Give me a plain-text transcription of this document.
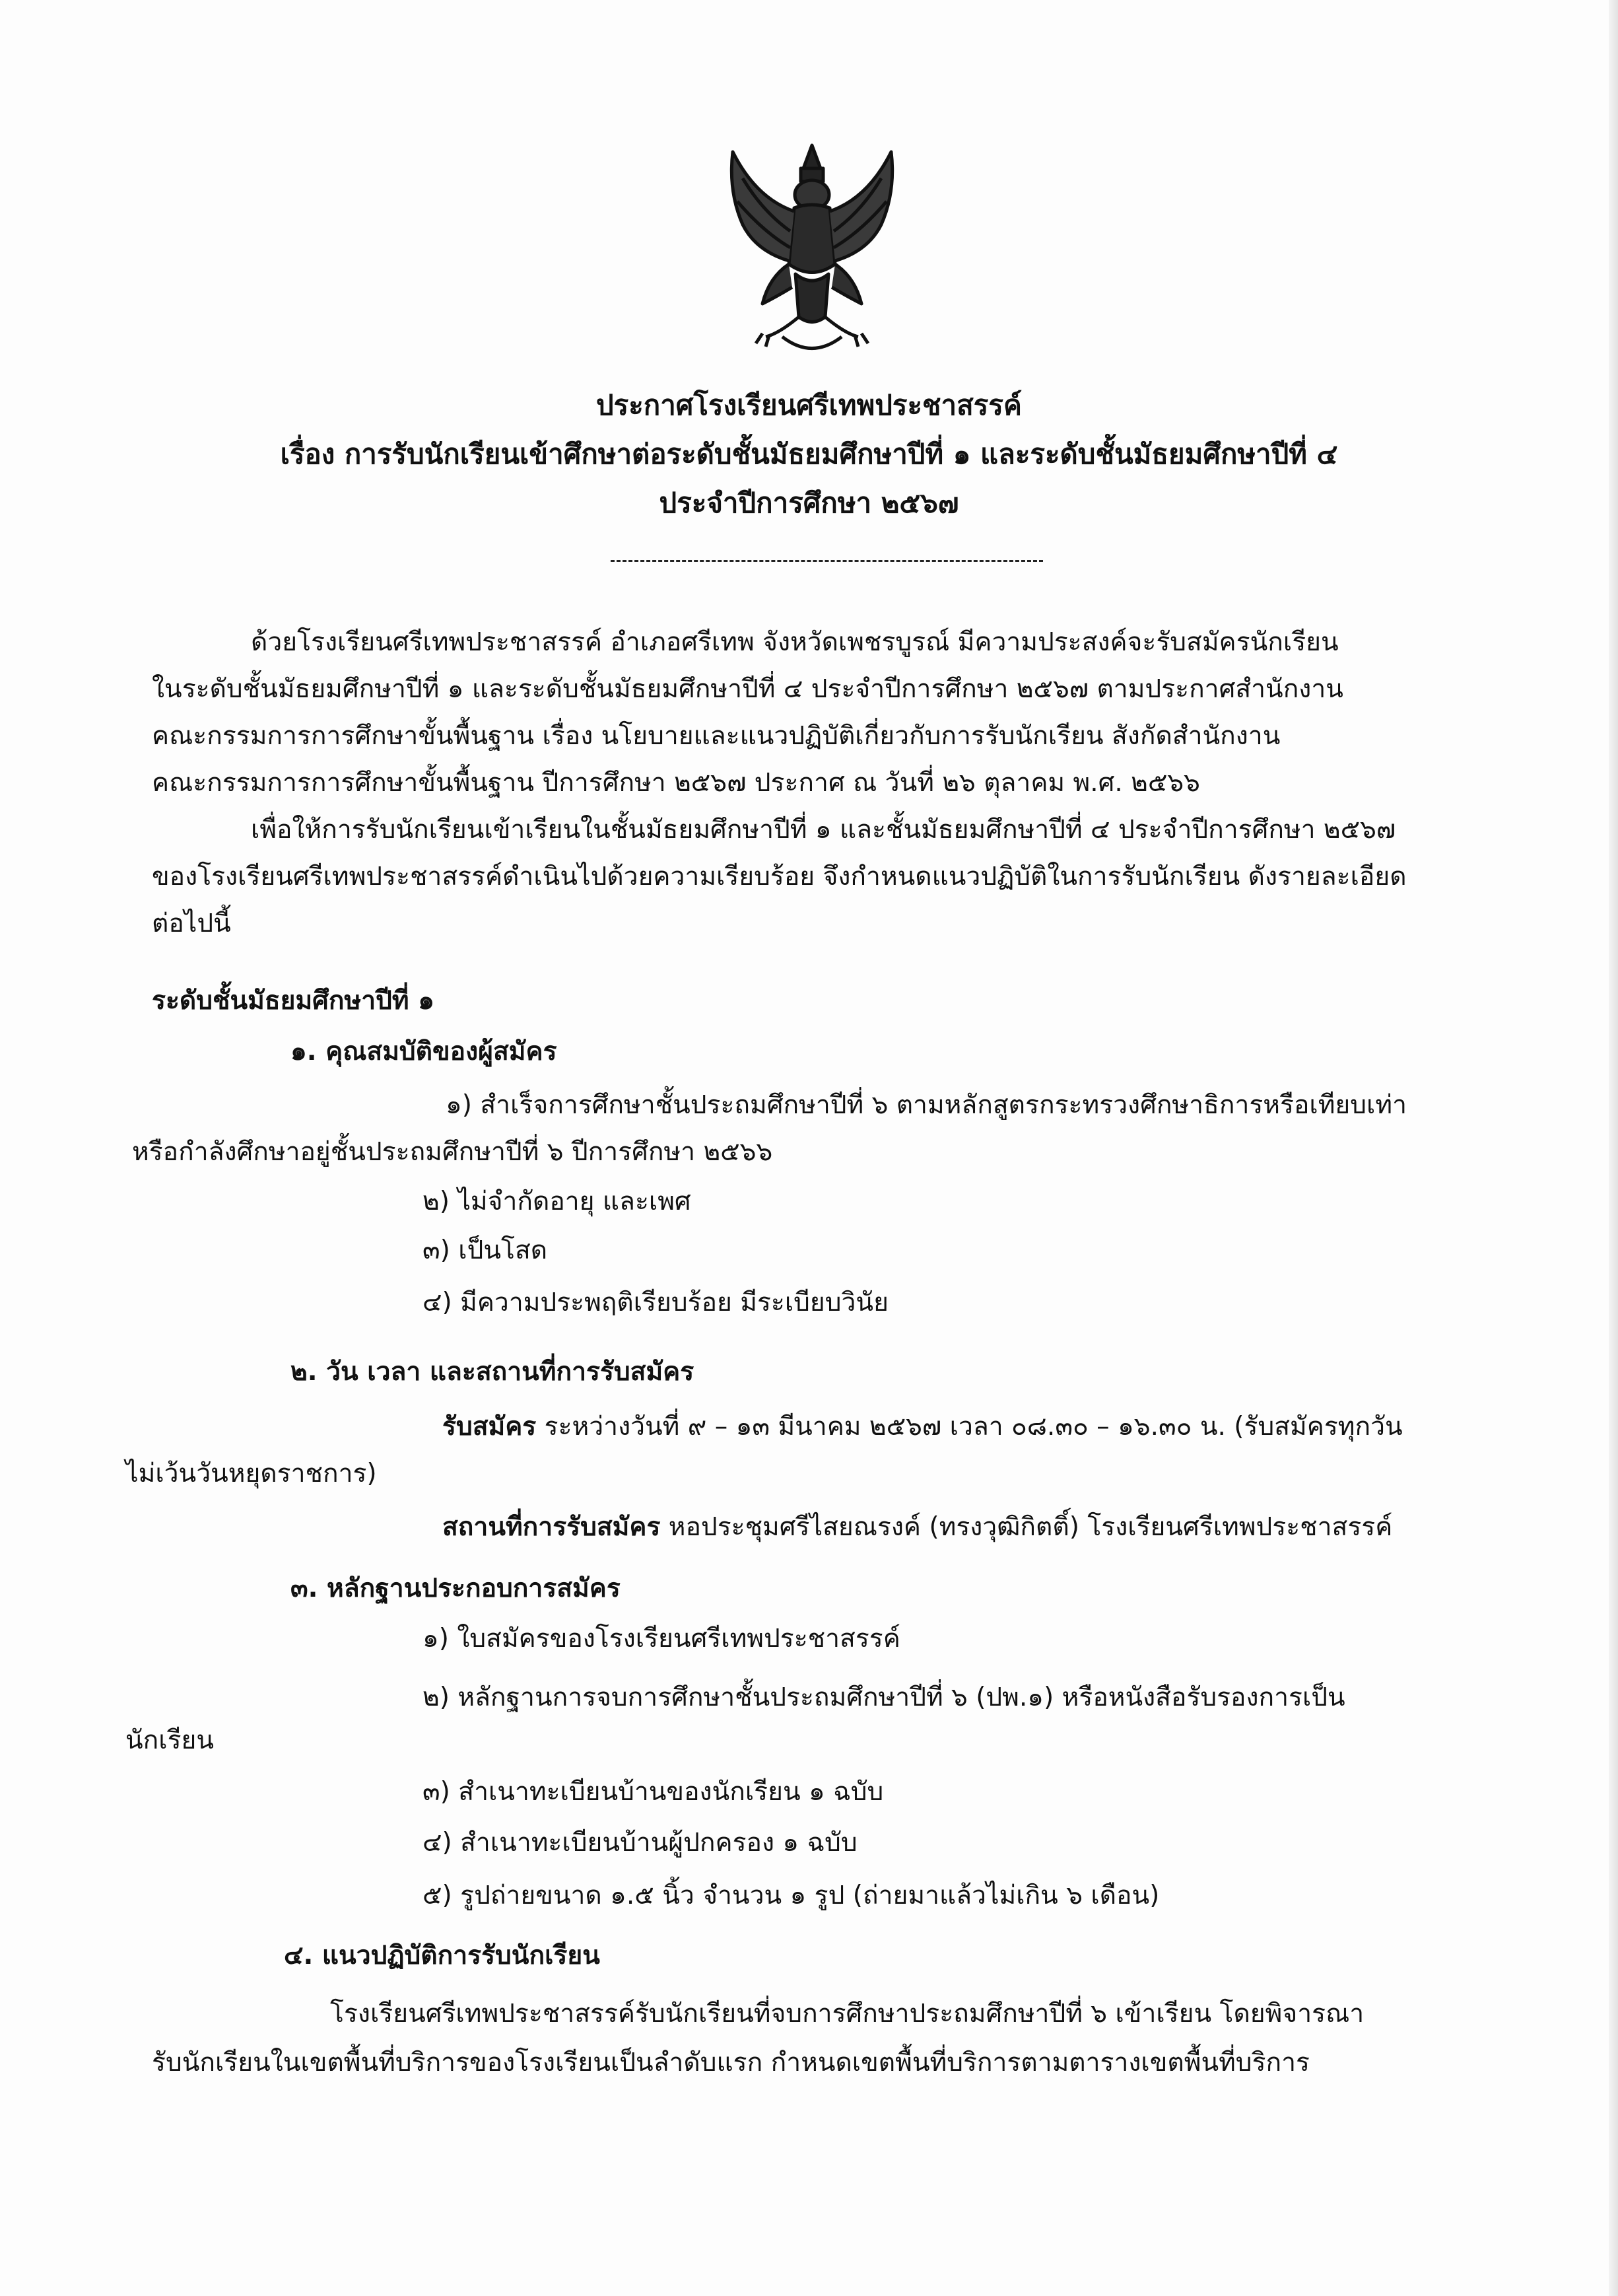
ประกาศโรงเรียนศรีเทพประชาสรรค์
เรื่อง การรับนักเรียนเข้าศึกษาต่อระดับชั้นมัธยมศึกษาปีที่ ๑ และระดับชั้นมัธยมศึกษาปีที่ ๔
ประจำปีการศึกษา ๒๕๖๗
ด้วยโรงเรียนศรีเทพประชาสรรค์ อำเภอศรีเทพ จังหวัดเพชรบูรณ์ มีความประสงค์จะรับสมัครนักเรียน
ในระดับชั้นมัธยมศึกษาปีที่ ๑ และระดับชั้นมัธยมศึกษาปีที่ ๔ ประจำปีการศึกษา ๒๕๖๗ ตามประกาศสำนักงาน
คณะกรรมการการศึกษาขั้นพื้นฐาน เรื่อง นโยบายและแนวปฏิบัติเกี่ยวกับการรับนักเรียน สังกัดสำนักงาน
คณะกรรมการการศึกษาขั้นพื้นฐาน ปีการศึกษา ๒๕๖๗ ประกาศ ณ วันที่ ๒๖ ตุลาคม พ.ศ. ๒๕๖๖
เพื่อให้การรับนักเรียนเข้าเรียนในชั้นมัธยมศึกษาปีที่ ๑ และชั้นมัธยมศึกษาปีที่ ๔ ประจำปีการศึกษา ๒๕๖๗
ของโรงเรียนศรีเทพประชาสรรค์ดำเนินไปด้วยความเรียบร้อย จึงกำหนดแนวปฏิบัติในการรับนักเรียน ดังรายละเอียด
ต่อไปนี้
ระดับชั้นมัธยมศึกษาปีที่ ๑
๑. คุณสมบัติของผู้สมัคร
๑) สำเร็จการศึกษาชั้นประถมศึกษาปีที่ ๖ ตามหลักสูตรกระทรวงศึกษาธิการหรือเทียบเท่า
หรือกำลังศึกษาอยู่ชั้นประถมศึกษาปีที่ ๖ ปีการศึกษา ๒๕๖๖
๒) ไม่จำกัดอายุ และเพศ
๓) เป็นโสด
๔) มีความประพฤติเรียบร้อย มีระเบียบวินัย
๒. วัน เวลา และสถานที่การรับสมัคร
รับสมัคร ระหว่างวันที่ ๙ – ๑๓ มีนาคม ๒๕๖๗ เวลา ๐๘.๓๐ – ๑๖.๓๐ น. (รับสมัครทุกวัน
ไม่เว้นวันหยุดราชการ)
สถานที่การรับสมัคร หอประชุมศรีไสยณรงค์ (ทรงวุฒิกิตติ์) โรงเรียนศรีเทพประชาสรรค์
๓. หลักฐานประกอบการสมัคร
๑) ใบสมัครของโรงเรียนศรีเทพประชาสรรค์
๒) หลักฐานการจบการศึกษาชั้นประถมศึกษาปีที่ ๖ (ปพ.๑) หรือหนังสือรับรองการเป็น
นักเรียน
๓) สำเนาทะเบียนบ้านของนักเรียน ๑ ฉบับ
๔) สำเนาทะเบียนบ้านผู้ปกครอง ๑ ฉบับ
๕) รูปถ่ายขนาด ๑.๕ นิ้ว จำนวน ๑ รูป (ถ่ายมาแล้วไม่เกิน ๖ เดือน)
๔. แนวปฏิบัติการรับนักเรียน
โรงเรียนศรีเทพประชาสรรค์รับนักเรียนที่จบการศึกษาประถมศึกษาปีที่ ๖ เข้าเรียน โดยพิจารณา
รับนักเรียนในเขตพื้นที่บริการของโรงเรียนเป็นลำดับแรก กำหนดเขตพื้นที่บริการตามตารางเขตพื้นที่บริการ
